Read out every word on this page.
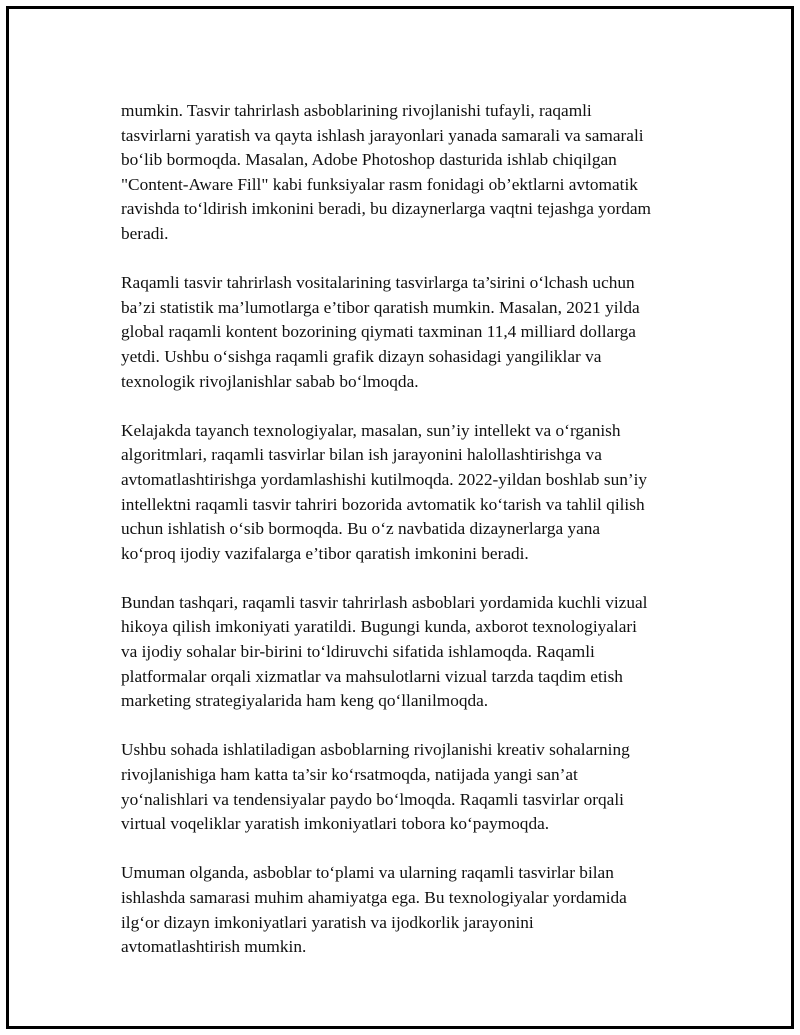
mumkin. Tasvir tahrirlash asboblarining rivojlanishi tufayli, raqamli
tasvirlarni yaratish va qayta ishlash jarayonlari yanada samarali va samarali
bo‘lib bormoqda. Masalan, Adobe Photoshop dasturida ishlab chiqilgan
"Content-Aware Fill" kabi funksiyalar rasm fonidagi ob’ektlarni avtomatik
ravishda to‘ldirish imkonini beradi, bu dizaynerlarga vaqtni tejashga yordam
beradi.

Raqamli tasvir tahrirlash vositalarining tasvirlarga ta’sirini o‘lchash uchun
ba’zi statistik ma’lumotlarga e’tibor qaratish mumkin. Masalan, 2021 yilda
global raqamli kontent bozorining qiymati taxminan 11,4 milliard dollarga
yetdi. Ushbu o‘sishga raqamli grafik dizayn sohasidagi yangiliklar va
texnologik rivojlanishlar sabab bo‘lmoqda.

Kelajakda tayanch texnologiyalar, masalan, sun’iy intellekt va o‘rganish
algoritmlari, raqamli tasvirlar bilan ish jarayonini halollashtirishga va
avtomatlashtirishga yordamlashishi kutilmoqda. 2022-yildan boshlab sun’iy
intellektni raqamli tasvir tahriri bozorida avtomatik ko‘tarish va tahlil qilish
uchun ishlatish o‘sib bormoqda. Bu o‘z navbatida dizaynerlarga yana
ko‘proq ijodiy vazifalarga e’tibor qaratish imkonini beradi.

Bundan tashqari, raqamli tasvir tahrirlash asboblari yordamida kuchli vizual
hikoya qilish imkoniyati yaratildi. Bugungi kunda, axborot texnologiyalari
va ijodiy sohalar bir-birini to‘ldiruvchi sifatida ishlamoqda. Raqamli
platformalar orqali xizmatlar va mahsulotlarni vizual tarzda taqdim etish
marketing strategiyalarida ham keng qo‘llanilmoqda.

Ushbu sohada ishlatiladigan asboblarning rivojlanishi kreativ sohalarning
rivojlanishiga ham katta ta’sir ko‘rsatmoqda, natijada yangi san’at
yo‘nalishlari va tendensiyalar paydo bo‘lmoqda. Raqamli tasvirlar orqali
virtual voqeliklar yaratish imkoniyatlari tobora ko‘paymoqda.

Umuman olganda, asboblar to‘plami va ularning raqamli tasvirlar bilan
ishlashda samarasi muhim ahamiyatga ega. Bu texnologiyalar yordamida
ilg‘or dizayn imkoniyatlari yaratish va ijodkorlik jarayonini
avtomatlashtirish mumkin.
